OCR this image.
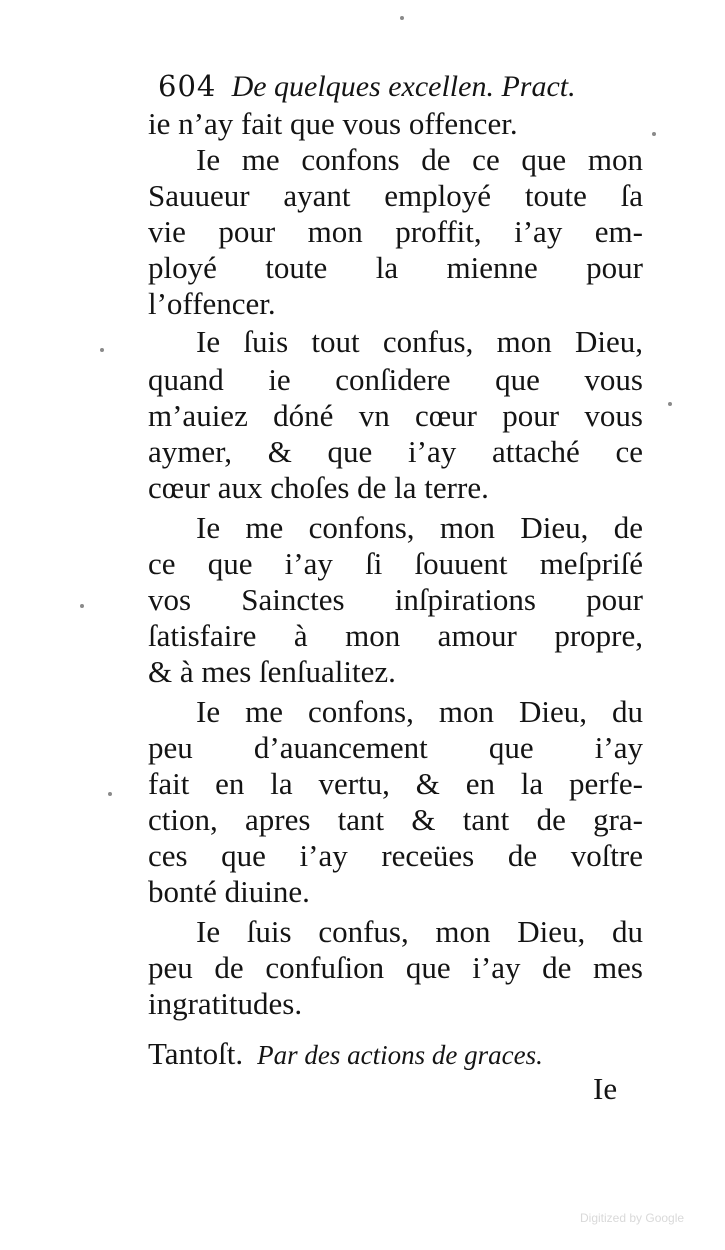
604 De quelques excellen. Pract.
ie n’ay fait que vous offencer.
Ie me confons de ce que mon
Sauueur ayant employé toute ſa
vie pour mon proffit, i’ay em-
ployé toute la mienne pour
l’offencer.
Ie ſuis tout confus, mon Dieu,
quand ie conſidere que vous
m’auiez dóné vn cœur pour vous
aymer, & que i’ay attaché ce
cœur aux choſes de la terre.
Ie me confons, mon Dieu, de
ce que i’ay ſi ſouuent meſpriſé
vos Sainctes inſpirations pour
ſatisfaire à mon amour propre,
& à mes ſenſualitez.
Ie me confons, mon Dieu, du
peu d’auancement que i’ay
fait en la vertu, & en la perfe-
ction, apres tant & tant de gra-
ces que i’ay receües de voſtre
bonté diuine.
Ie ſuis confus, mon Dieu, du
peu de confuſion que i’ay de mes
ingratitudes.
Tantoſt. Par des actions de graces.
Ie
Digitized by Google
